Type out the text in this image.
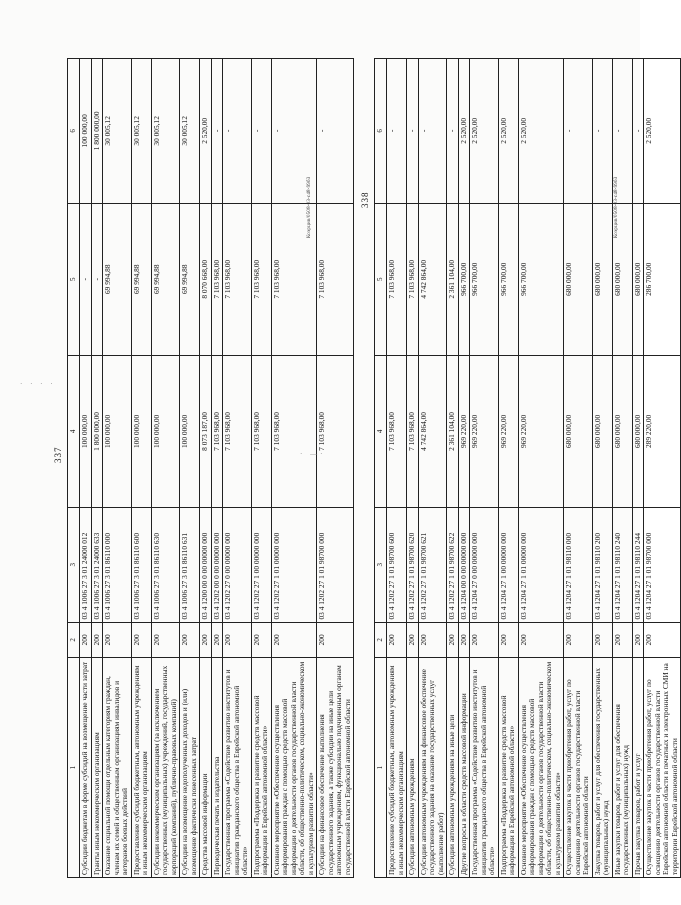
337
1	2	3	4	5	6
Субсидии бюджетам в форме субсидий на возмещение части затрат	200	03 4 1006 27 3 01 24000 012	100 000,00	-	100 000,00
Гранты иным некоммерческим организациям	200	03 4 1006 27 3 01 24000 633	1 800 000,00	-	1 800 000,00
Оказание социальной помощи отдельным категориям граждан, членам их семей и общественным организациям инвалидов и ветеранов боевых действий	200	03 4 1006 27 3 01 86110 000	100 000,00	69 994,88	30 005,12
Предоставление субсидий бюджетным, автономным учреждениям и иным некоммерческим организациям	200	03 4 1006 27 3 01 86110 600	100 000,00	69 994,88	30 005,12
Субсидии некоммерческим организациям (за исключением государственных (муниципальных) учреждений, государственных корпораций (компаний), публично-правовых компаний)	200	03 4 1006 27 3 01 86110 630	100 000,00	69 994,88	30 005,12
Субсидии на возмещение недополученных доходов и (или) возмещение фактически понесенных затрат	200	03 4 1006 27 3 01 86110 631	100 000,00	69 994,88	30 005,12
Средства массовой информации	200	03 4 1200 00 0 00 00000 000	8 073 187,00	8 070 668,00	2 520,00
Периодическая печать и издательства	200	03 4 1202 00 0 00 00000 000	7 103 968,00	7 103 968,00	-
Государственная программа «Содействие развитию институтов и инициатив гражданского общества в Еврейской автономной области»	200	03 4 1202 27 0 00 00000 000	7 103 968,00	7 103 968,00	-
Подпрограмма «Поддержка и развитие средств массовой информации в Еврейской автономной области»	200	03 4 1202 27 1 00 00000 000	7 103 968,00	7 103 968,00	-
Основное мероприятие «Обеспечение осуществления информирования граждан с помощью средств массовой информации о деятельности органов государственной власти области, об общественно-политическом, социально-экономическом и культурном развитии области»	200	03 4 1202 27 1 01 00000 000	7 103 968,00	7 103 968,00	-
Субсидии на финансовое обеспечение выполнения государственного задания, а также субсидии на иные цели автономным учреждениям, функционально подчиненным органам государственной власти Еврейской автономной области	200	03 4 1202 27 1 01 98700 000	7 103 968,00	7 103 968,00	-
Коэрцив/0508-03-с48-99б3	338
1	2	3	4	5	6
Предоставление субсидий бюджетным, автономным учреждениям и иным некоммерческим организациям	200	03 4 1202 27 1 01 98700 600	7 103 968,00	7 103 968,00	-
Субсидии автономным учреждениям	200	03 4 1202 27 1 01 98700 620	7 103 968,00	7 103 968,00	-
Субсидии автономным учреждениям на финансовое обеспечение государственного задания на оказание государственных услуг (выполнение работ)	200	03 4 1202 27 1 01 98700 621	4 742 864,00	4 742 864,00	-
Субсидии автономным учреждениям на иные цели	200	03 4 1202 27 1 01 98700 622	2 361 104,00	2 361 104,00	-
Другие вопросы в области средств массовой информации	200	03 4 1204 00 0 00 00000 000	969 220,00	966 700,00	2 520,00
Государственная программа «Содействие развитию институтов и инициатив гражданского общества в Еврейской автономной области»	200	03 4 1204 27 0 00 00000 000	969 220,00	966 700,00	2 520,00
Подпрограмма «Поддержка и развитие средств массовой информации в Еврейской автономной области»	200	03 4 1204 27 1 00 00000 000	969 220,00	966 700,00	2 520,00
Основное мероприятие «Обеспечение осуществления информирования граждан с помощью средств массовой информации о деятельности органов государственной власти области, об общественно-политическом, социально-экономическом и культурном развитии области»	200	03 4 1204 27 1 01 00000 000	969 220,00	966 700,00	2 520,00
Осуществление закупок в части приобретения работ, услуг по освещению деятельности органов государственной власти Еврейской автономной области	200	03 4 1204 27 1 01 98110 000	680 000,00	680 000,00	-
Закупка товаров, работ и услуг для обеспечения государственных (муниципальных) нужд	200	03 4 1204 27 1 01 98110 200	680 000,00	680 000,00	-
Иные закупки товаров, работ и услуг для обеспечения государственных (муниципальных) нужд	200	03 4 1204 27 1 01 98110 240	680 000,00	680 000,00	-
Прочая закупка товаров, работ и услуг	200	03 4 1204 27 1 01 98110 244	680 000,00	680 000,00	-
Осуществление закупок в части приобретения работ, услуг по освещению деятельности органов государственной власти Еврейской автономной области в печатных и электронных СМИ на территории Еврейской автономной области	200	03 4 1204 27 1 01 98700 000	289 220,00	286 700,00	2 520,00
Коэрцив/0508-03-с48-99б3
· —·
· · · ·
· · ·
